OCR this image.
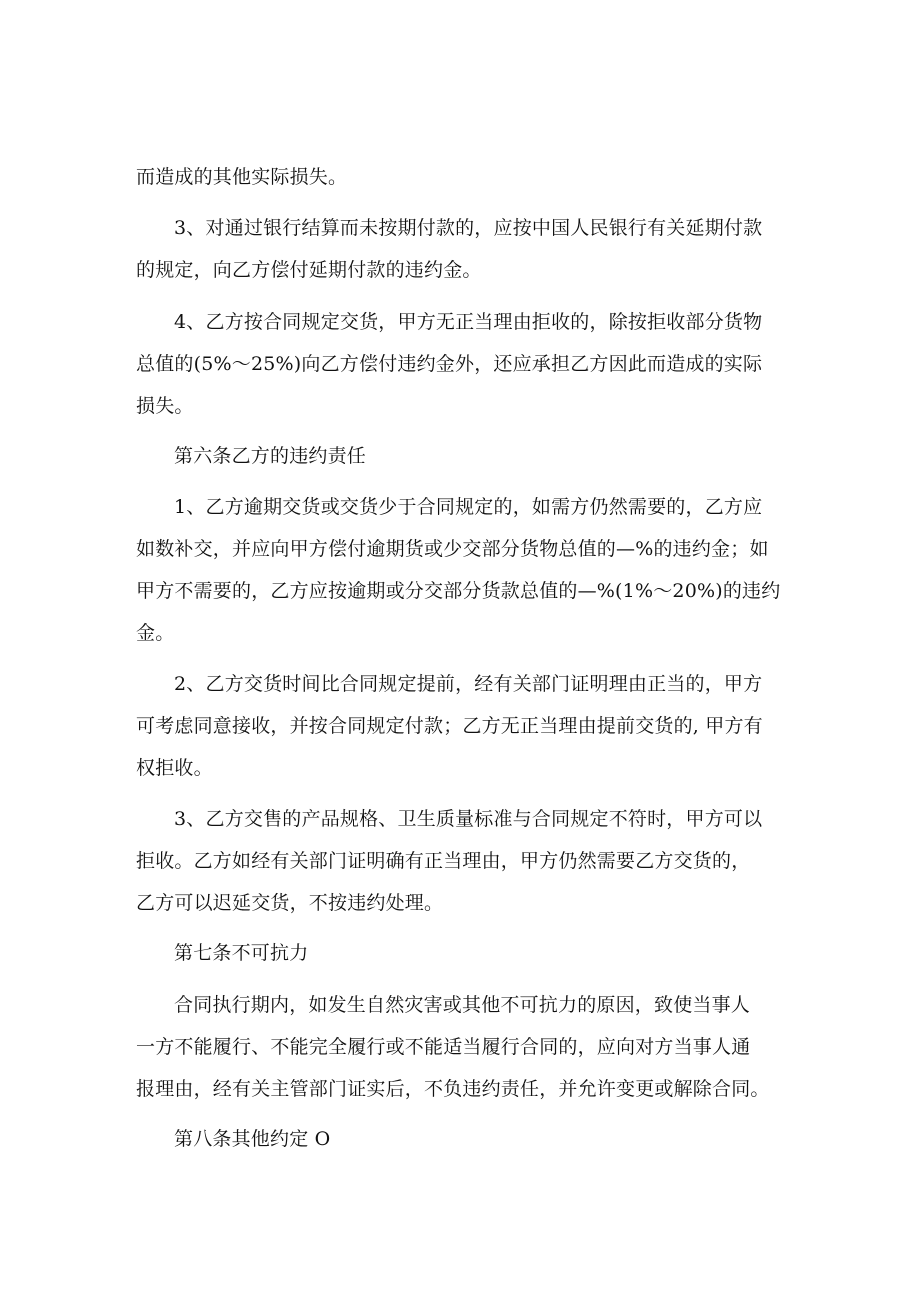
而造成的其他实际损失。
3、对通过银行结算而未按期付款的，应按中国人民银行有关延期付款
的规定，向乙方偿付延期付款的违约金。
4、乙方按合同规定交货，甲方无正当理由拒收的，除按拒收部分货物
总值的(5%～25%)向乙方偿付违约金外，还应承担乙方因此而造成的实际
损失。
第六条乙方的违约责任
1、乙方逾期交货或交货少于合同规定的，如需方仍然需要的，乙方应
如数补交，并应向甲方偿付逾期货或少交部分货物总值的—%的违约金；如
甲方不需要的，乙方应按逾期或分交部分货款总值的—%(1%～20%)的违约
金。
2、乙方交货时间比合同规定提前，经有关部门证明理由正当的，甲方
可考虑同意接收，并按合同规定付款；乙方无正当理由提前交货的, 甲方有
权拒收。
3、乙方交售的产品规格、卫生质量标准与合同规定不符时，甲方可以
拒收。乙方如经有关部门证明确有正当理由，甲方仍然需要乙方交货的，
乙方可以迟延交货，不按违约处理。
第七条不可抗力
合同执行期内，如发生自然灾害或其他不可抗力的原因，致使当事人
一方不能履行、不能完全履行或不能适当履行合同的，应向对方当事人通
报理由，经有关主管部门证实后，不负违约责任，并允许变更或解除合同。
第八条其他约定 O
